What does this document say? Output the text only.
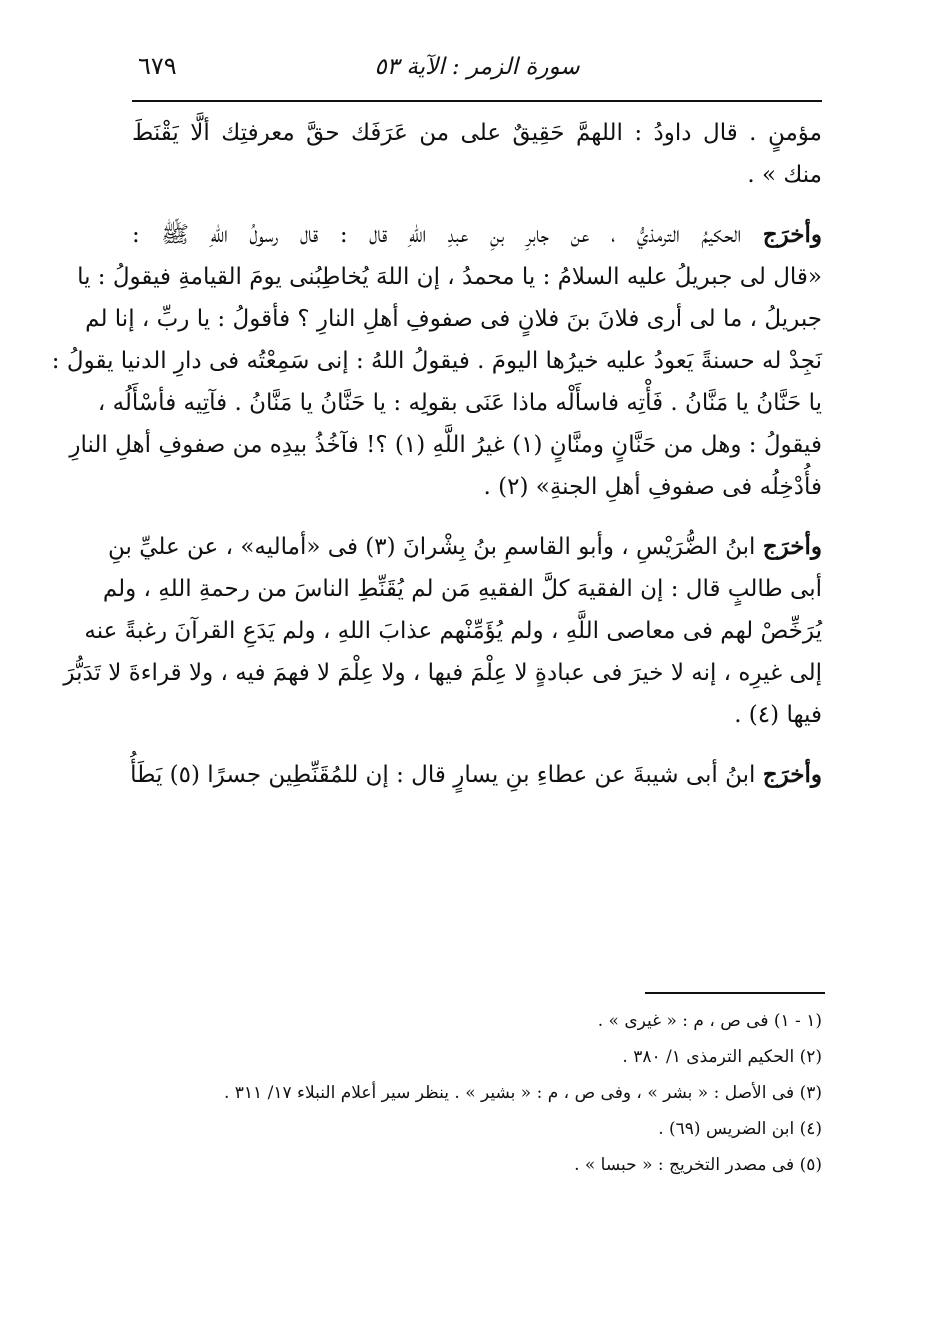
سورة الزمر : الآية ٥٣
٦٧٩
مؤمنٍ . قال داودُ : اللهمَّ حَقِيقٌ على من عَرَفَك حقَّ معرفتِك ألَّا يَقْنَطَ
منك » .
وأخرَج الحكيمُ الترمذيُّ ، عن جابرِ بنِ عبدِ اللهِ قال : قال رسولُ اللهِ ﷺ :
«قال لى جبريلُ عليه السلامُ : يا محمدُ ، إن اللهَ يُخاطِبُنى يومَ القيامةِ فيقولُ : يا
جبريلُ ، ما لى أرى فلانَ بنَ فلانٍ فى صفوفِ أهلِ النارِ ؟ فأقولُ : يا ربِّ ، إنا لم
نَجِدْ له حسنةً يَعودُ عليه خيرُها اليومَ . فيقولُ اللهُ : إنى سَمِعْتُه فى دارِ الدنيا يقولُ :
يا حَنَّانُ يا مَنَّانُ . فَأْتِه فاسأَلْه ماذا عَنَى بقولِه : يا حَنَّانُ يا مَنَّانُ . فآتِيه فأسْأَلُه ،
فيقولُ : وهل من حَنَّانٍ ومنَّانٍ (١) غيرُ اللَّهِ (١) ؟! فآخُذُ بيدِه من صفوفِ أهلِ النارِ
فأُدْخِلُه فى صفوفِ أهلِ الجنةِ» (٢) .
وأخرَج ابنُ الضُّرَيْسِ ، وأبو القاسمِ بنُ بِشْرانَ (٣) فى «أماليه» ، عن عليِّ بنِ
أبى طالبٍ قال : إن الفقيهَ كلَّ الفقيهِ مَن لم يُقَنِّطِ الناسَ من رحمةِ اللهِ ، ولم
يُرَخِّصْ لهم فى معاصى اللَّهِ ، ولم يُؤَمِّنْهم عذابَ اللهِ ، ولم يَدَعِ القرآنَ رغبةً عنه
إلى غيرِه ، إنه لا خيرَ فى عبادةٍ لا عِلْمَ فيها ، ولا عِلْمَ لا فهمَ فيه ، ولا قراءةَ لا تَدَبُّرَ
فيها (٤) .
وأخرَج ابنُ أبى شيبةَ عن عطاءِ بنِ يسارٍ قال : إن للمُقَنِّطِين جسرًا (٥) يَطَأُ
(١ - ١) فى ص ، م : « غيرى » .
(٢) الحكيم الترمذى ١/ ٣٨٠ .
(٣) فى الأصل : « بشر » ، وفى ص ، م : « بشير » . ينظر سير أعلام النبلاء ١٧/ ٣١١ .
(٤) ابن الضريس (٦٩) .
(٥) فى مصدر التخريج : « حبسا » .
